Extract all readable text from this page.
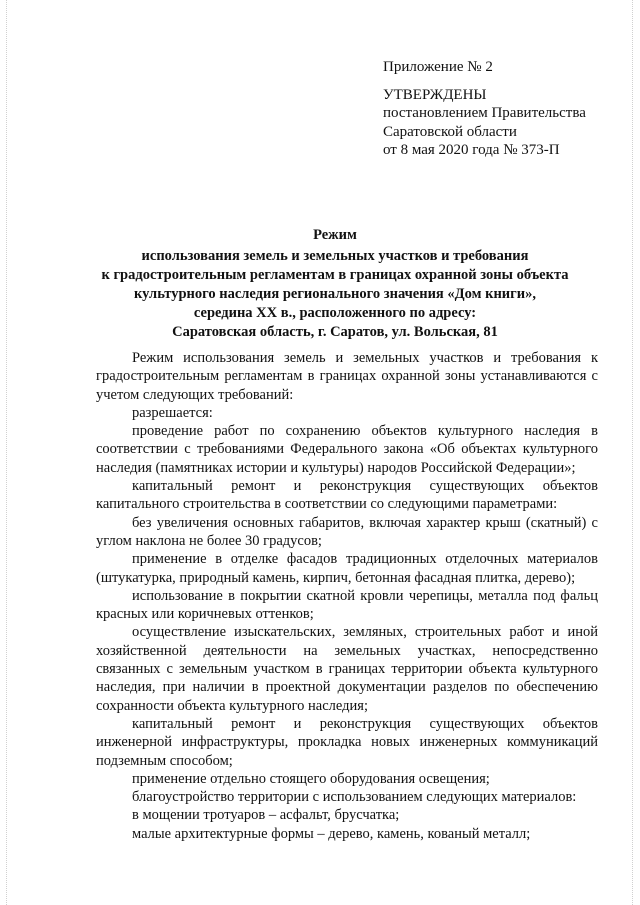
Приложение № 2
УТВЕРЖДЕНЫ
постановлением Правительства
Саратовской области
от 8 мая 2020 года № 373-П
Режим
использования земель и земельных участков и требования
к градостроительным регламентам в границах охранной зоны объекта
культурного наследия регионального значения «Дом книги»,
середина XX в., расположенного по адресу:
Саратовская область, г. Саратов, ул. Вольская, 81

Режим использования земель и земельных участков и требования к градостроительным регламентам в границах охранной зоны устанавливаются с учетом следующих требований:

разрешается:

проведение работ по сохранению объектов культурного наследия в соответствии с требованиями Федерального закона «Об объектах культурного наследия (памятниках истории и культуры) народов Российской Федерации»;

капитальный ремонт и реконструкция существующих объектов капитального строительства в соответствии со следующими параметрами:

без увеличения основных габаритов, включая характер крыш (скатный) с углом наклона не более 30 градусов;

применение в отделке фасадов традиционных отделочных материалов (штукатурка, природный камень, кирпич, бетонная фасадная плитка, дерево);

использование в покрытии скатной кровли черепицы, металла под фальц красных или коричневых оттенков;

осуществление изыскательских, земляных, строительных работ и иной хозяйственной деятельности на земельных участках, непосредственно связанных с земельным участком в границах территории объекта культурного наследия, при наличии в проектной документации разделов по обеспечению сохранности объекта культурного наследия;

капитальный ремонт и реконструкция существующих объектов инженерной инфраструктуры, прокладка новых инженерных коммуникаций подземным способом;

применение отдельно стоящего оборудования освещения;

благоустройство территории с использованием следующих материалов:

в мощении тротуаров – асфальт, брусчатка;

малые архитектурные формы – дерево, камень, кованый металл;
